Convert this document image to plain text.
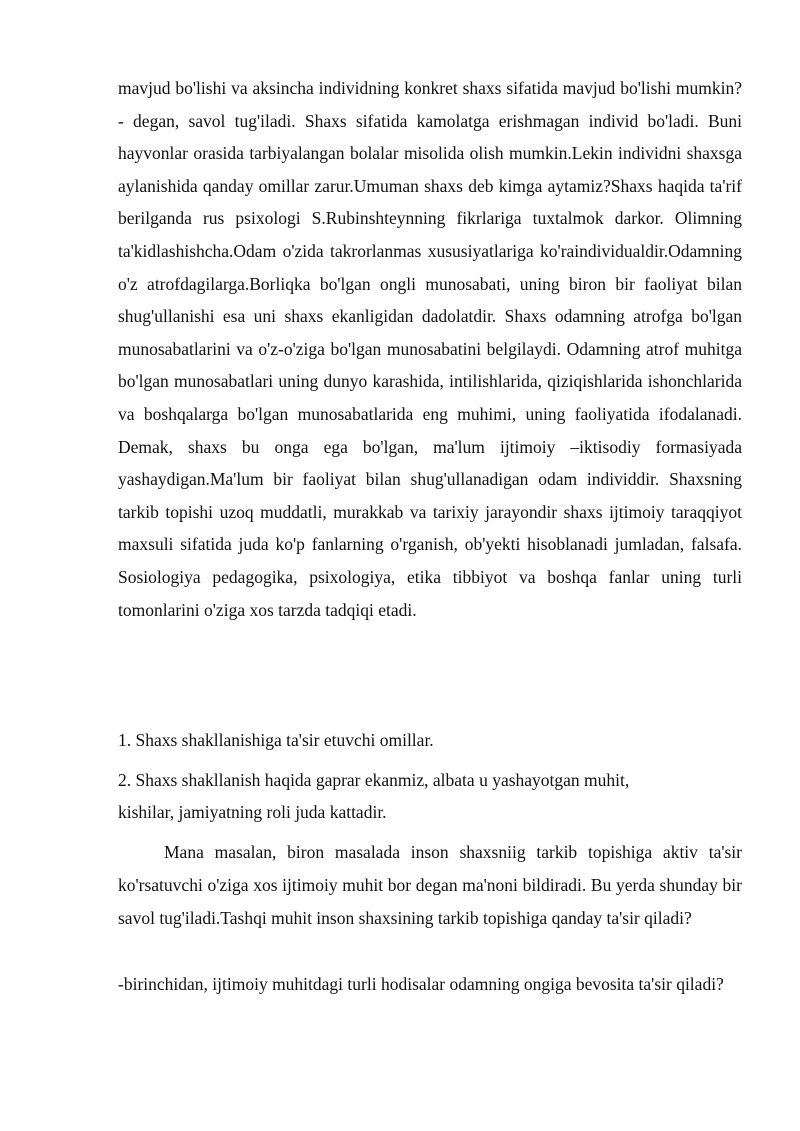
mavjud bo'lishi va aksincha individning konkret shaxs sifatida mavjud bo'lishi mumkin? - degan, savol tug'iladi. Shaxs sifatida kamolatga erishmagan individ bo'ladi. Buni hayvonlar orasida tarbiyalangan bolalar misolida olish mumkin.Lekin individni shaxsga aylanishida qanday omillar zarur.Umuman shaxs deb kimga aytamiz?Shaxs haqida ta'rif berilganda rus psixologi S.Rubinshteynning fikrlariga tuxtalmok darkor. Olimning ta'kidlashishcha.Odam o'zida takrorlanmas xususiyatlariga ko'raindividualdir.Odamning o'z atrofdagilarga.Borliqka bo'lgan ongli munosabati, uning biron bir faoliyat bilan shug'ullanishi esa uni shaxs ekanligidan dadolatdir. Shaxs odamning atrofga bo'lgan munosabatlarini va o'z-o'ziga bo'lgan munosabatini belgilaydi. Odamning atrof muhitga bo'lgan munosabatlari uning dunyo karashida, intilishlarida, qiziqishlarida ishonchlarida va boshqalarga bo'lgan munosabatlarida eng muhimi, uning faoliyatida ifodalanadi. Demak, shaxs bu onga ega bo'lgan, ma'lum ijtimoiy –iktisodiy formasiyada yashaydigan.Ma'lum bir faoliyat bilan shug'ullanadigan odam individdir. Shaxsning tarkib topishi uzoq muddatli, murakkab va tarixiy jarayondir shaxs ijtimoiy taraqqiyot maxsuli sifatida juda ko'p fanlarning o'rganish, ob'yekti hisoblanadi jumladan, falsafa. Sosiologiya pedagogika, psixologiya, etika tibbiyot va boshqa fanlar uning turli tomonlarini o'ziga xos tarzda tadqiqi etadi.

1. Shaxs shakllanishiga ta'sir etuvchi omillar.

2. Shaxs shakllanish haqida gaprar ekanmiz, albata u yashayotgan muhit,
kishilar, jamiyatning roli juda kattadir.

Mana masalan, biron masalada inson shaxsniig tarkib topishiga aktiv ta'sir ko'rsatuvchi o'ziga xos ijtimoiy muhit bor degan ma'noni bildiradi. Bu yerda shunday bir savol tug'iladi.Tashqi muhit inson shaxsining tarkib topishiga qanday ta'sir qiladi?

-birinchidan, ijtimoiy muhitdagi turli hodisalar odamning ongiga bevosita ta'sir qiladi?
